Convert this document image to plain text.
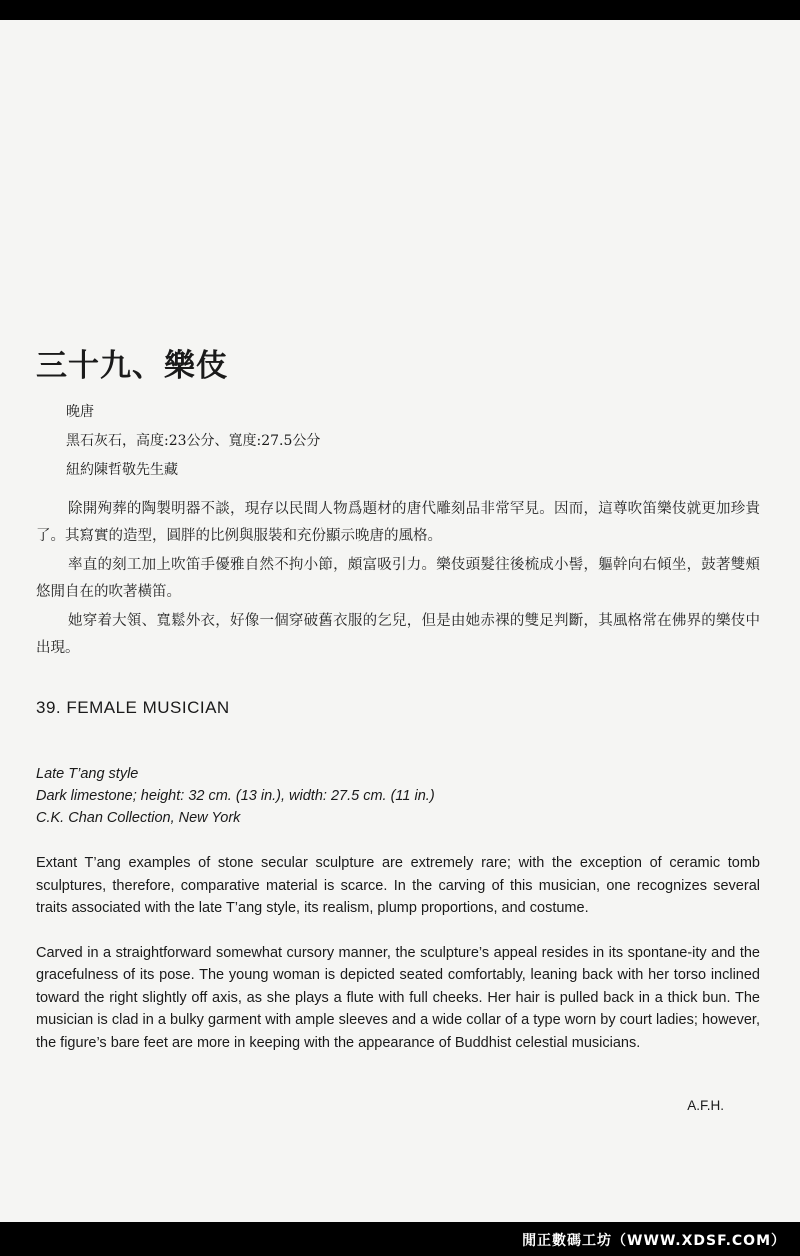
三十九、樂伎
晚唐
黑石灰石，高度:23公分、寬度:27.5公分
紐約陳哲敬先生藏

除開殉葬的陶製明器不談，現存以民間人物爲題材的唐代雕刻品非常罕見。因而，這尊吹笛樂伎就更加珍貴了。其寫實的造型，圓胖的比例與服裝和充份顯示晚唐的風格。

率直的刻工加上吹笛手優雅自然不拘小節，頗富吸引力。樂伎頭髮往後梳成小髻，軀幹向右傾坐，鼓著雙頰悠閒自在的吹著橫笛。

她穿着大領、寬鬆外衣，好像一個穿破舊衣服的乞兒，但是由她赤裸的雙足判斷，其風格常在佛界的樂伎中出現。

39. FEMALE MUSICIAN
Late T’ang style
Dark limestone; height: 32 cm. (13 in.), width: 27.5 cm. (11 in.)
C.K. Chan Collection, New York

Extant T’ang examples of stone secular sculpture are extremely rare; with the exception of ceramic tomb sculptures, therefore, comparative material is scarce. In the carving of this musician, one recognizes several traits associated with the late T’ang style, its realism, plump proportions, and costume.

Carved in a straightforward somewhat cursory manner, the sculpture’s appeal resides in its spontane-ity and the gracefulness of its pose. The young woman is depicted seated comfortably, leaning back with her torso inclined toward the right slightly off axis, as she plays a flute with full cheeks. Her hair is pulled back in a thick bun. The musician is clad in a bulky garment with ample sleeves and a wide collar of a type worn by court ladies; however, the figure’s bare feet are more in keeping with the appearance of Buddhist celestial musicians.

A.F.H.
閒正數碼工坊（WWW.XDSF.COM）
